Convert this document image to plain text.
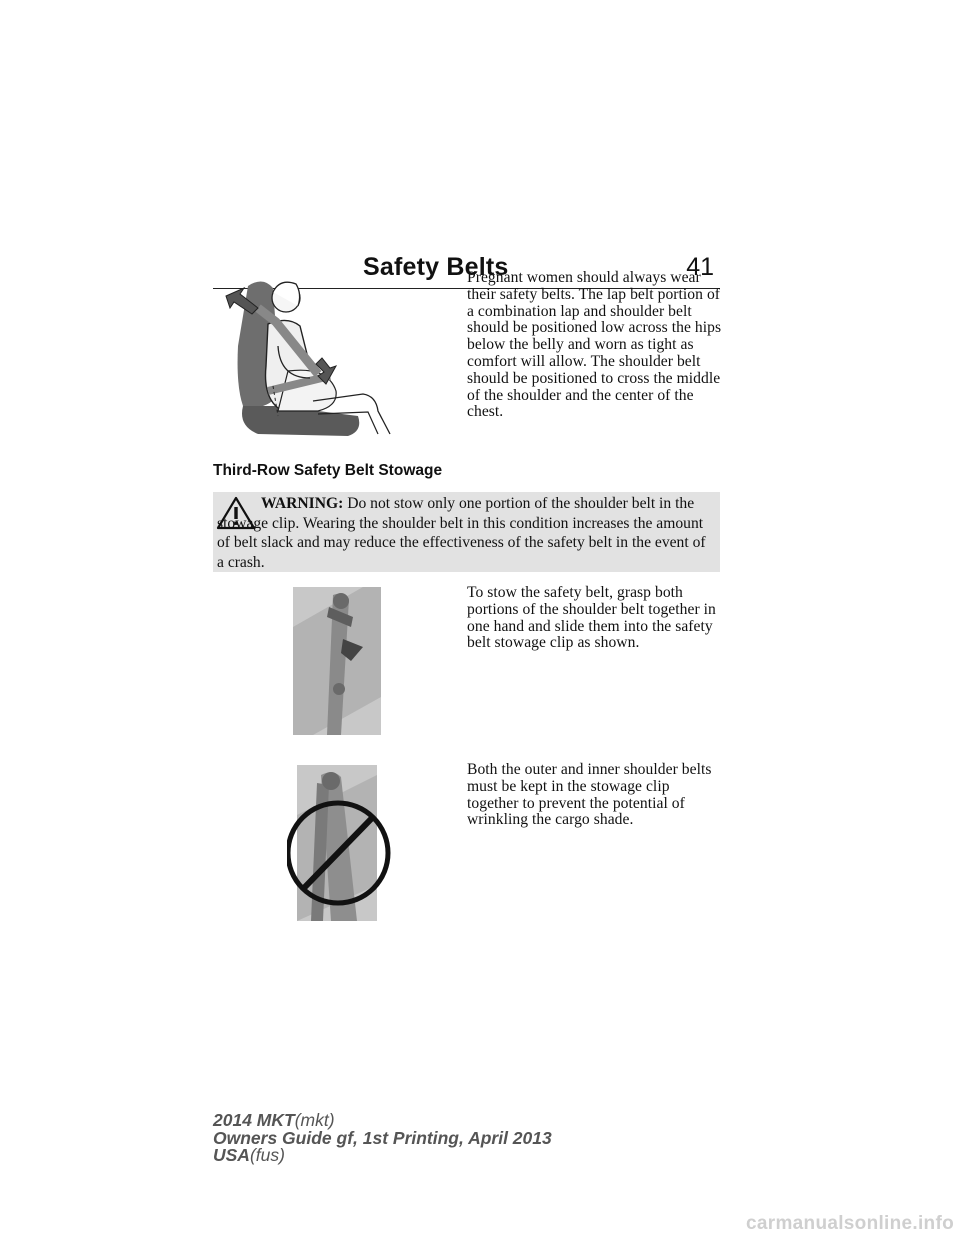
Safety Belts	41
Pregnant women should always wear their safety belts. The lap belt portion of a combination lap and shoulder belt should be positioned low across the hips below the belly and worn as tight as comfort will allow. The shoulder belt should be positioned to cross the middle of the shoulder and the center of the chest.
Third-Row Safety Belt Stowage
WARNING: Do not stow only one portion of the shoulder belt in the stowage clip. Wearing the shoulder belt in this condition increases the amount of belt slack and may reduce the effectiveness of the safety belt in the event of a crash.
To stow the safety belt, grasp both portions of the shoulder belt together in one hand and slide them into the safety belt stowage clip as shown.
Both the outer and inner shoulder belts must be kept in the stowage clip together to prevent the potential of wrinkling the cargo shade.
2014 MKT(mkt)
Owners Guide gf, 1st Printing, April 2013
USA(fus)
carmanualsonline.info
